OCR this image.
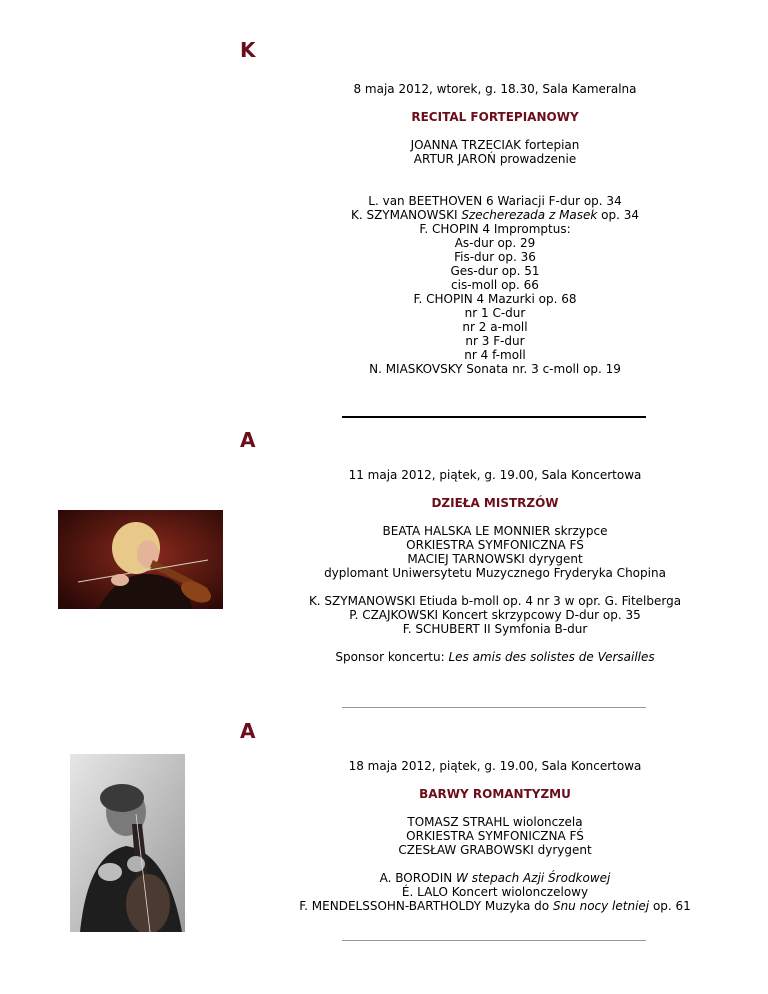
K
8 maja 2012, wtorek, g. 18.30, Sala Kameralna
RECITAL FORTEPIANOWY
JOANNA TRZECIAK fortepian
ARTUR JAROŃ prowadzenie
L. van BEETHOVEN 6 Wariacji F-dur op. 34
K. SZYMANOWSKI Szecherezada z Masek op. 34
F. CHOPIN 4 Impromptus:
As-dur op. 29
Fis-dur op. 36
Ges-dur op. 51
cis-moll op. 66
F. CHOPIN 4 Mazurki op. 68
nr 1 C-dur
nr 2 a-moll
nr 3 F-dur
nr 4 f-moll
N. MIASKOVSKY Sonata nr. 3 c-moll op. 19
A
11 maja 2012, piątek, g. 19.00, Sala Koncertowa
DZIEŁA MISTRZÓW
BEATA HALSKA LE MONNIER skrzypce
ORKIESTRA SYMFONICZNA FŚ
MACIEJ TARNOWSKI dyrygent
dyplomant Uniwersytetu Muzycznego Fryderyka Chopina
K. SZYMANOWSKI Etiuda b-moll op. 4 nr 3 w opr. G. Fitelberga
P. CZAJKOWSKI Koncert skrzypcowy D-dur op. 35
F. SCHUBERT II Symfonia B-dur
Sponsor koncertu: Les amis des solistes de Versailles
A
18 maja 2012, piątek, g. 19.00, Sala Koncertowa
BARWY ROMANTYZMU
TOMASZ STRAHL wiolonczela
ORKIESTRA SYMFONICZNA FŚ
CZESŁAW GRABOWSKI dyrygent
A. BORODIN W stepach Azji Środkowej
É. LALO Koncert wiolonczelowy
F. MENDELSSOHN-BARTHOLDY Muzyka do Snu nocy letniej op. 61
